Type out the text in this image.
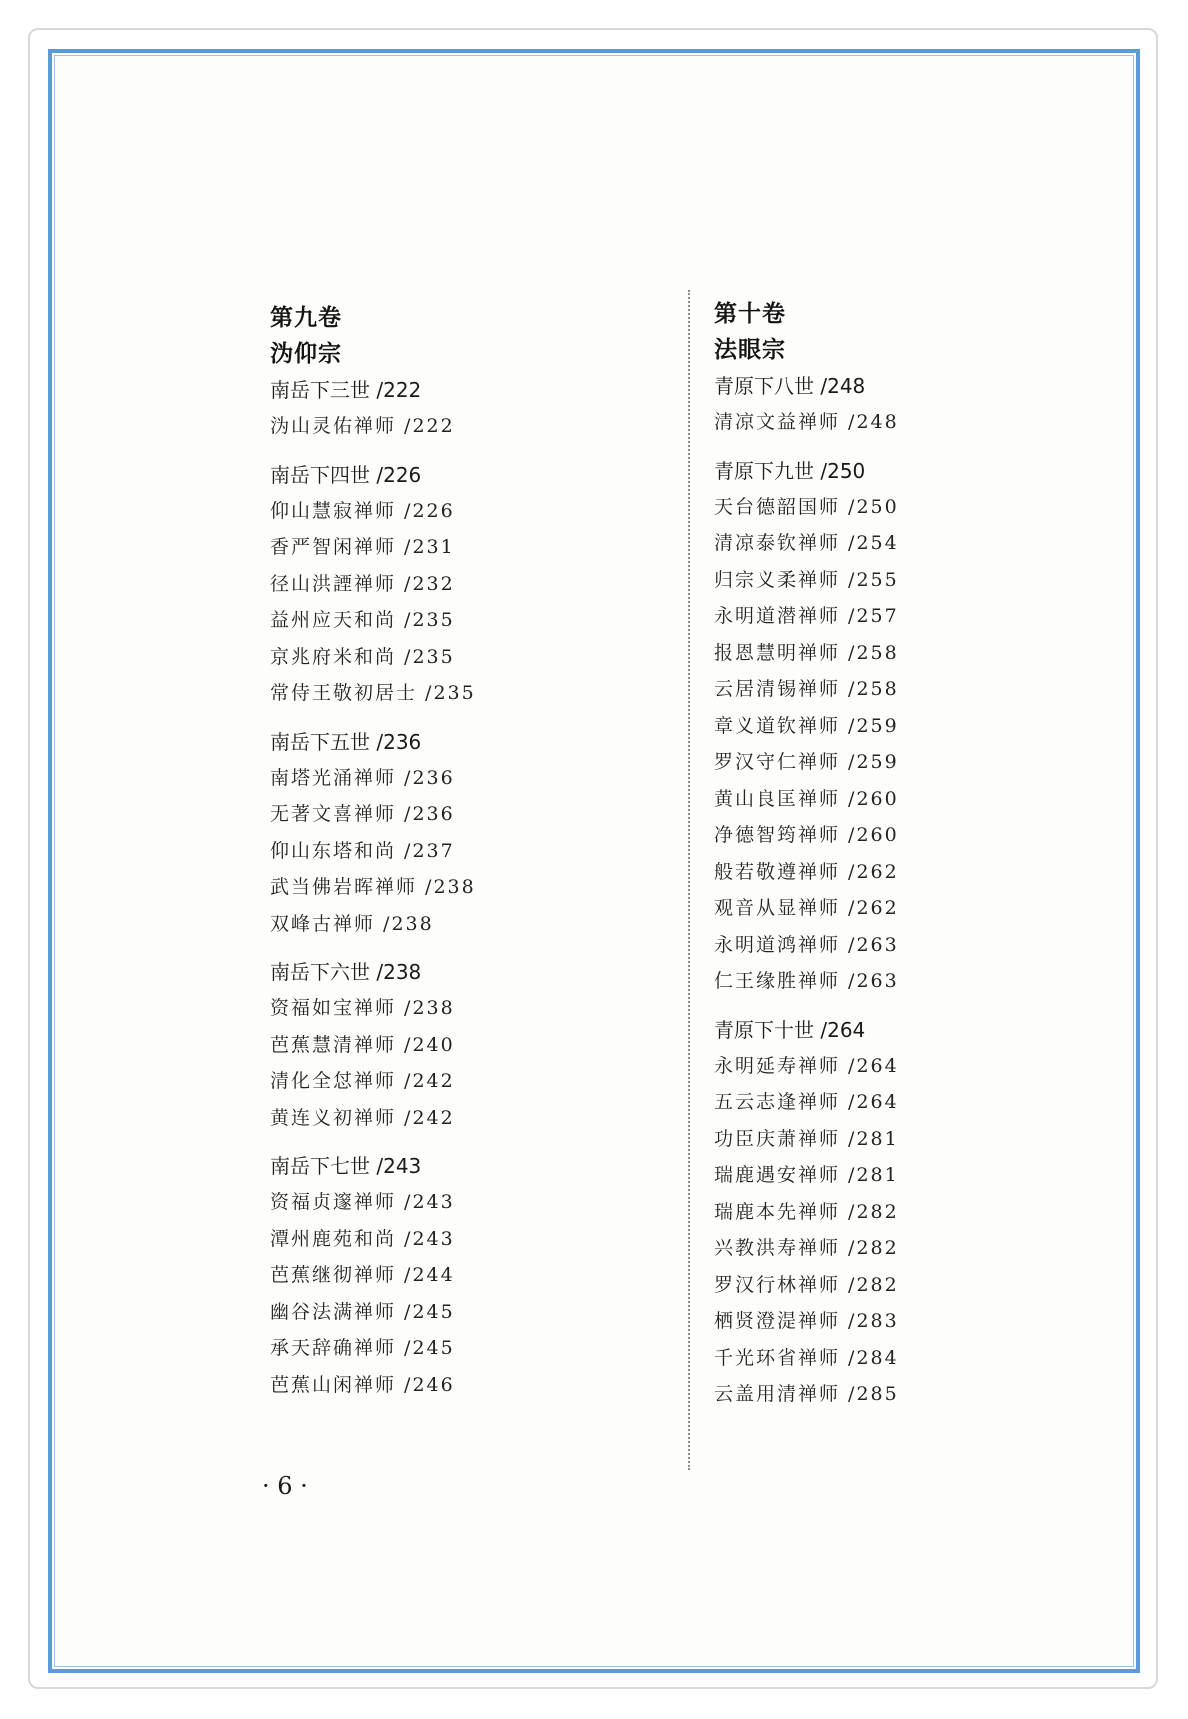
第九卷
沩仰宗
南岳下三世 /222
沩山灵佑禅师 /222
南岳下四世 /226
仰山慧寂禅师 /226
香严智闲禅师 /231
径山洪諲禅师 /232
益州应天和尚 /235
京兆府米和尚 /235
常侍王敬初居士 /235
南岳下五世 /236
南塔光涌禅师 /236
无著文喜禅师 /236
仰山东塔和尚 /237
武当佛岩晖禅师 /238
双峰古禅师 /238
南岳下六世 /238
资福如宝禅师 /238
芭蕉慧清禅师 /240
清化全怤禅师 /242
黄连义初禅师 /242
南岳下七世 /243
资福贞邃禅师 /243
潭州鹿苑和尚 /243
芭蕉继彻禅师 /244
幽谷法满禅师 /245
承天辞确禅师 /245
芭蕉山闲禅师 /246
第十卷
法眼宗
青原下八世 /248
清凉文益禅师 /248
青原下九世 /250
天台德韶国师 /250
清凉泰钦禅师 /254
归宗义柔禅师 /255
永明道潜禅师 /257
报恩慧明禅师 /258
云居清锡禅师 /258
章义道钦禅师 /259
罗汉守仁禅师 /259
黄山良匡禅师 /260
净德智筠禅师 /260
般若敬遵禅师 /262
观音从显禅师 /262
永明道鸿禅师 /263
仁王缘胜禅师 /263
青原下十世 /264
永明延寿禅师 /264
五云志逢禅师 /264
功臣庆萧禅师 /281
瑞鹿遇安禅师 /281
瑞鹿本先禅师 /282
兴教洪寿禅师 /282
罗汉行林禅师 /282
栖贤澄湜禅师 /283
千光环省禅师 /284
云盖用清禅师 /285
· 6 ·
